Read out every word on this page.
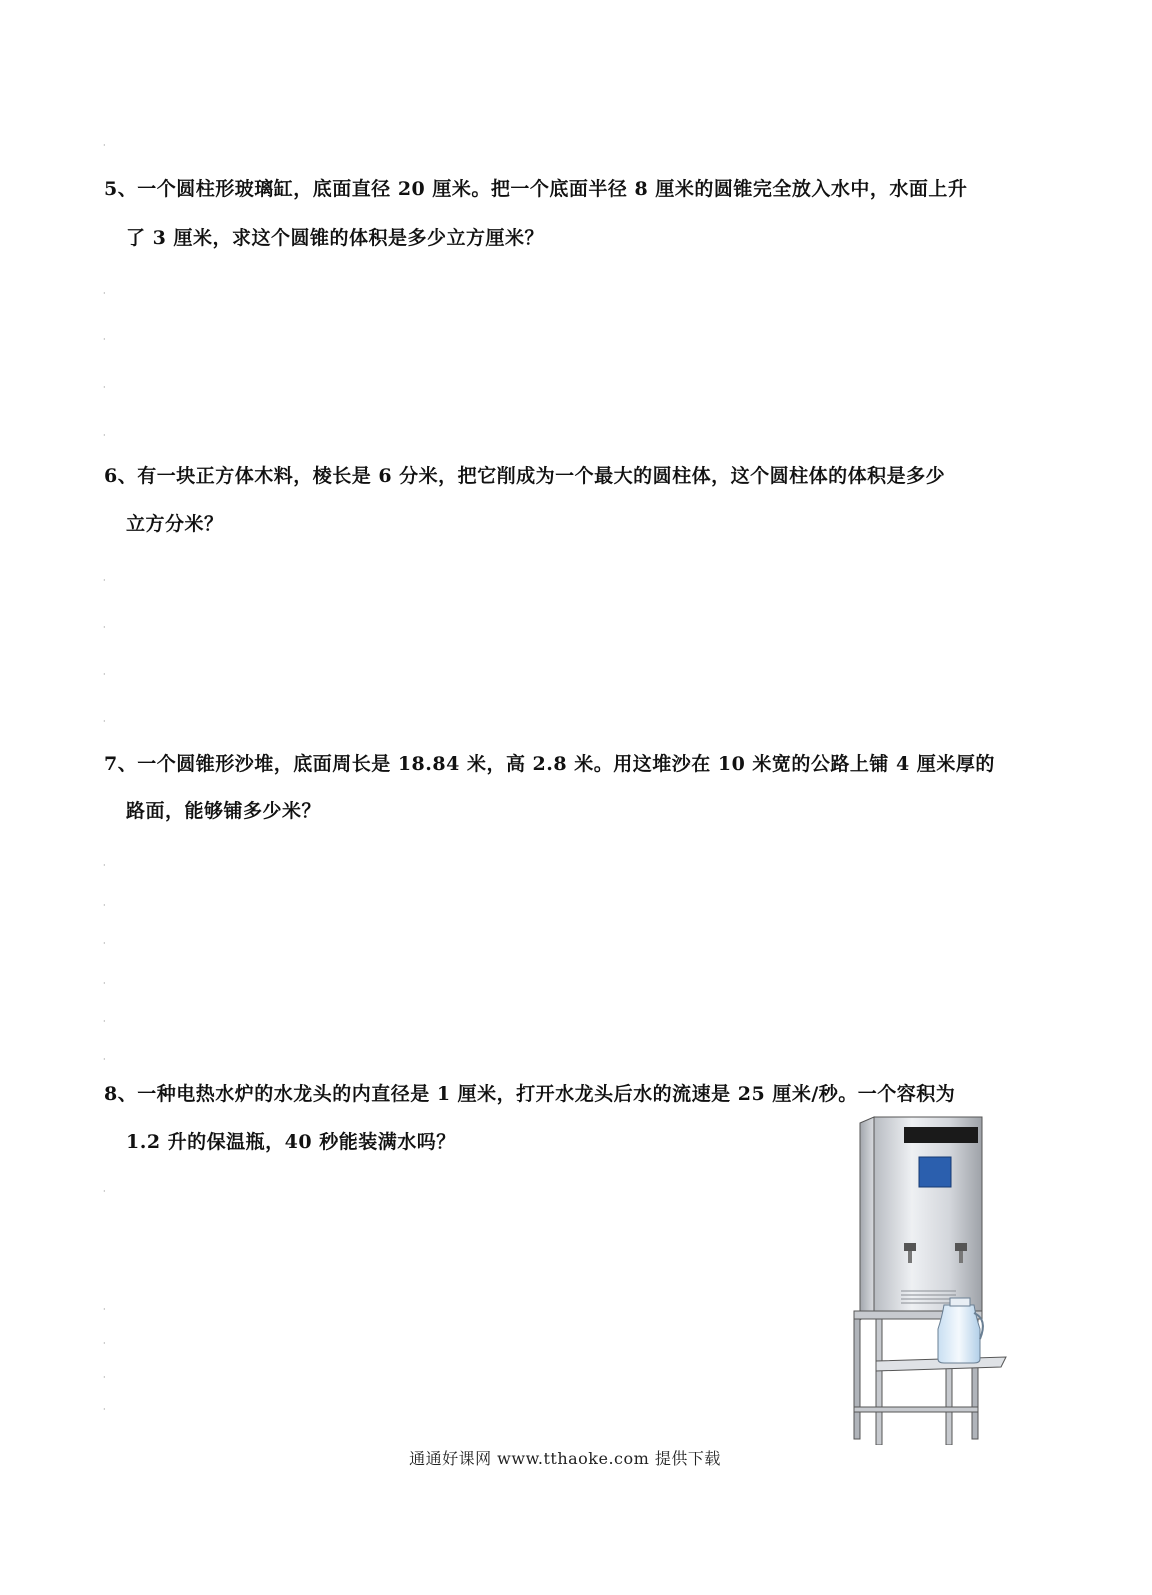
·
·
·
·
·
·
·
·
·
·
·
·
·
·
·
·
·
·
·
·
5、一个圆柱形玻璃缸，底面直径 20 厘米。把一个底面半径 8 厘米的圆锥完全放入水中，水面上升
了 3 厘米，求这个圆锥的体积是多少立方厘米？
6、有一块正方体木料，棱长是 6 分米，把它削成为一个最大的圆柱体，这个圆柱体的体积是多少
立方分米？
7、一个圆锥形沙堆，底面周长是 18.84 米，高 2.8 米。用这堆沙在 10 米宽的公路上铺 4 厘米厚的
路面，能够铺多少米？
8、一种电热水炉的水龙头的内直径是 1 厘米，打开水龙头后水的流速是 25 厘米/秒。一个容积为
1.2 升的保温瓶，40 秒能装满水吗？
通通好课网 www.tthaoke.com 提供下载
